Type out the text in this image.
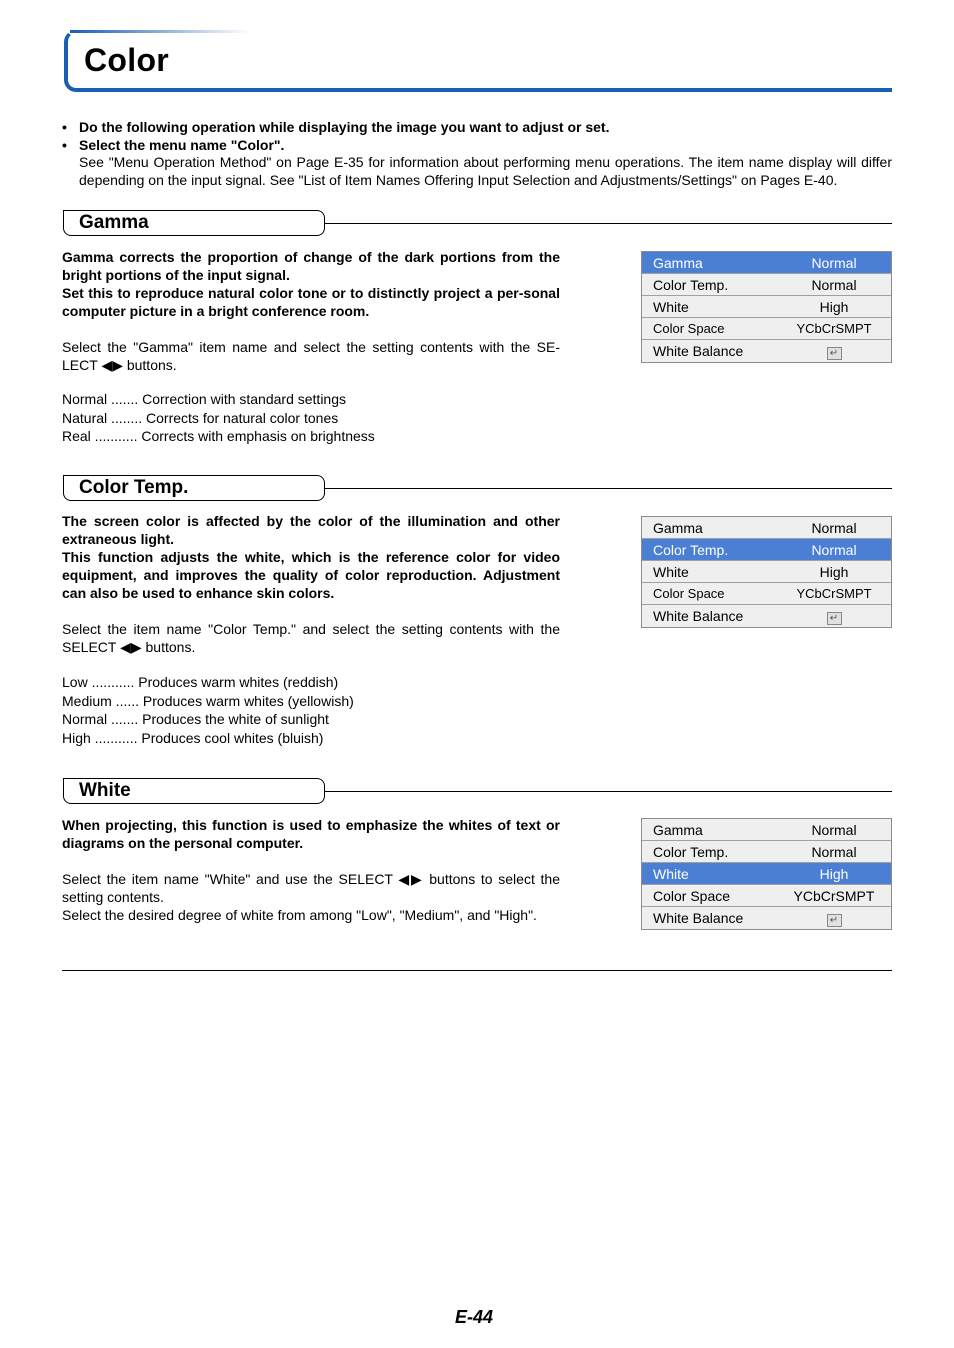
Color
• Do the following operation while displaying the image you want to adjust or set.
• Select the menu name "Color".
See "Menu Operation Method" on Page E-35 for information about performing menu operations. The item name display will differ depending on the input signal. See "List of Item Names Offering Input Selection and Adjustments/Settings" on Pages E-40.
Gamma

Gamma corrects the proportion of change of the dark portions from the bright portions of the input signal.

Set this to reproduce natural color tone or to distinctly project a per-sonal computer picture in a bright conference room.

Select the "Gamma" item name and select the setting contents with the SE-LECT ◀▶ buttons.

Normal .......
Correction with standard settings
Natural ........
Corrects for natural color tones
Real ...........
Corrects with emphasis on brightness
Gamma	Normal
Color Temp.	Normal
White	High
Color Space	YCbCrSMPT
White Balance	↵
Color Temp.

The screen color is affected by the color of the illumination and other extraneous light.

This function adjusts the white, which is the reference color for video equipment, and improves the quality of color reproduction. Adjustment can also be used to enhance skin colors.

Select the item name "Color Temp." and select the setting contents with the SELECT ◀▶ buttons.

Low ...........
Produces warm whites (reddish)
Medium ......
Produces warm whites (yellowish)
Normal .......
Produces the white of sunlight
High ...........
Produces cool whites (bluish)
Gamma	Normal
Color Temp.	Normal
White	High
Color Space	YCbCrSMPT
White Balance	↵
White

When projecting, this function is used to emphasize the whites of text or diagrams on the personal computer.

Select the item name "White" and use the SELECT ◀▶ buttons to select the setting contents.

Select the desired degree of white from among "Low", "Medium", and "High".

Gamma	Normal
Color Temp.	Normal
White	High
Color Space	YCbCrSMPT
White Balance	↵
E-44
